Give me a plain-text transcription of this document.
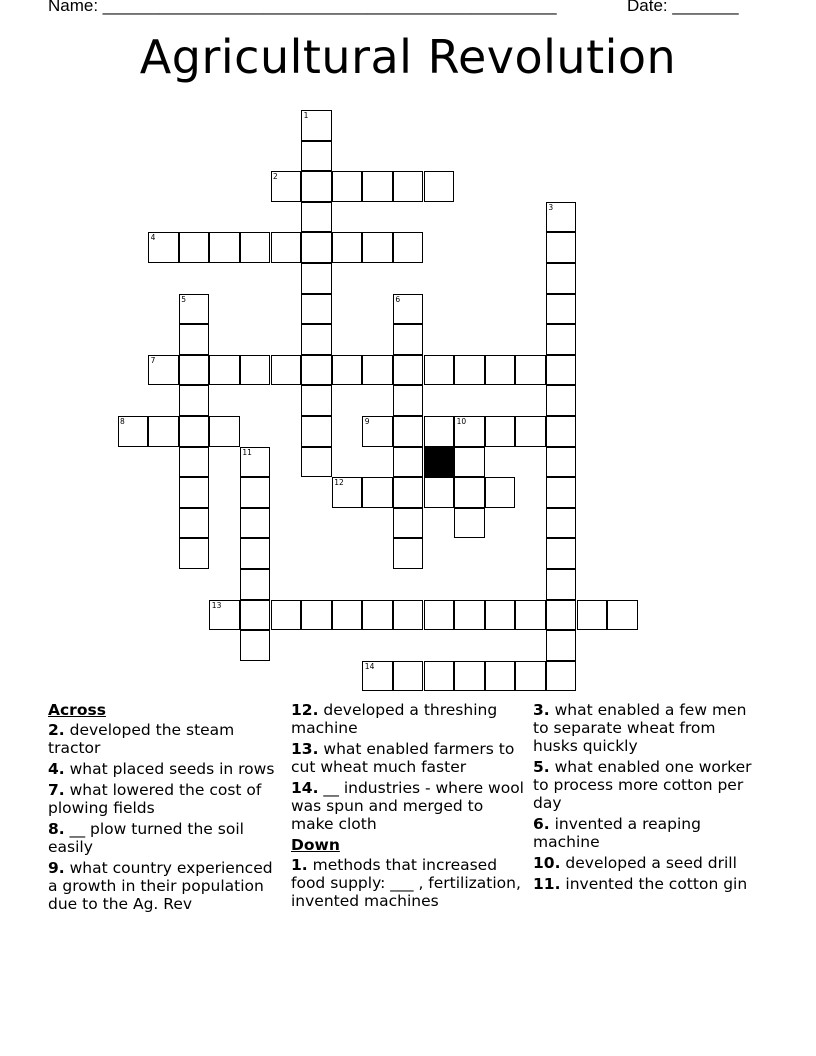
Name: ________________________________________________	Date: _______
Agricultural Revolution
2
4
7
8	9	10
12
13
14
1
3
5	6
11
Across
2. developed the steam tractor
4. what placed seeds in rows
7. what lowered the cost of plowing fields
8. __ plow turned the soil easily
9. what country experienced a growth in their population due to the Ag. Rev
12. developed a threshing machine
13. what enabled farmers to cut wheat much faster
14. __ industries - where wool was spun and merged to make cloth
Down
1. methods that increased food supply: ___ , fertilization, invented machines
3. what enabled a few men to separate wheat from husks quickly
5. what enabled one worker to process more cotton per day
6. invented a reaping machine
10. developed a seed drill
11. invented the cotton gin
